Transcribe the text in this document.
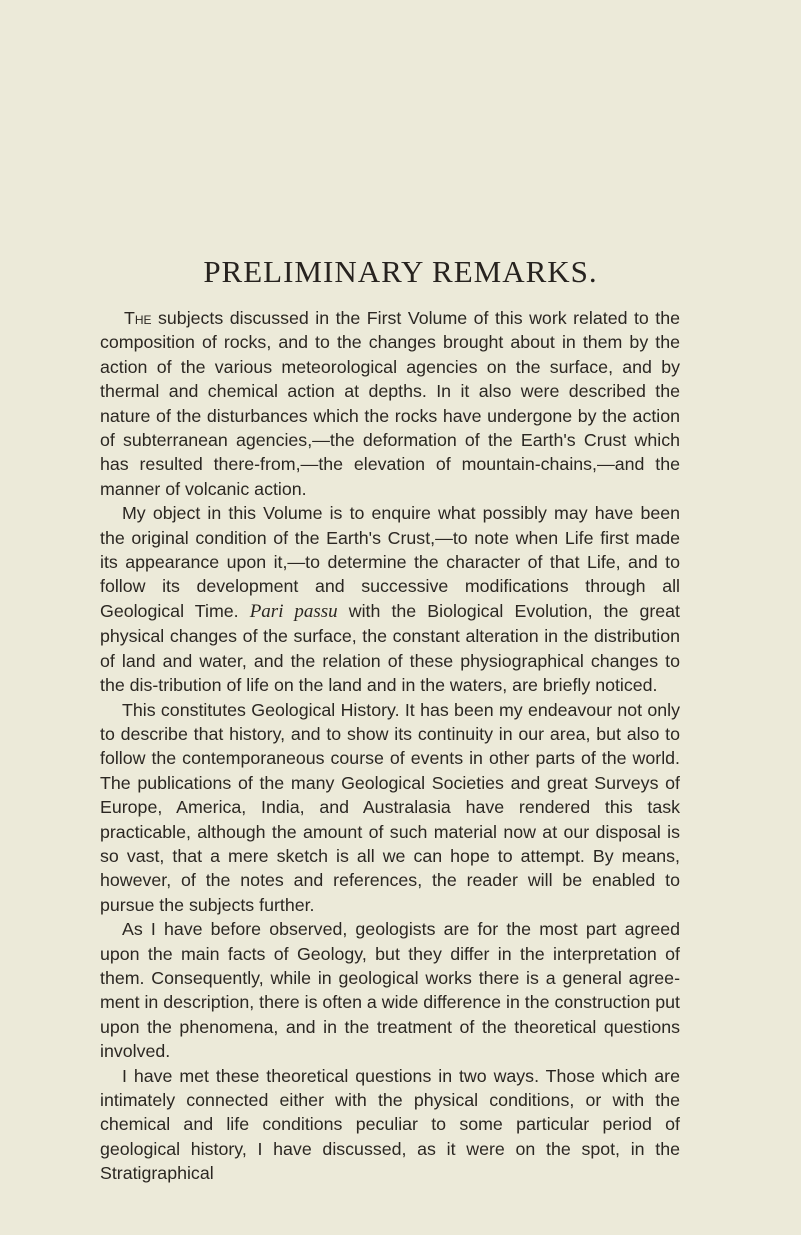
PRELIMINARY REMARKS.

The subjects discussed in the First Volume of this work related to the composition of rocks, and to the changes brought about in them by the action of the various meteorological agencies on the surface, and by thermal and chemical action at depths. In it also were described the nature of the disturbances which the rocks have undergone by the action of subterranean agencies,—the deformation of the Earth's Crust which has resulted there-from,—the elevation of mountain-chains,—and the manner of volcanic action.

My object in this Volume is to enquire what possibly may have been the original condition of the Earth's Crust,—to note when Life first made its appearance upon it,—to determine the character of that Life, and to follow its development and successive modifications through all Geological Time. Pari passu with the Biological Evolution, the great physical changes of the surface, the constant alteration in the distribution of land and water, and the relation of these physiographical changes to the dis-tribution of life on the land and in the waters, are briefly noticed.

This constitutes Geological History. It has been my endeavour not only to describe that history, and to show its continuity in our area, but also to follow the contemporaneous course of events in other parts of the world. The publications of the many Geological Societies and great Surveys of Europe, America, India, and Australasia have rendered this task practicable, although the amount of such material now at our disposal is so vast, that a mere sketch is all we can hope to attempt. By means, however, of the notes and references, the reader will be enabled to pursue the subjects further.

As I have before observed, geologists are for the most part agreed upon the main facts of Geology, but they differ in the interpretation of them. Consequently, while in geological works there is a general agree-ment in description, there is often a wide difference in the construction put upon the phenomena, and in the treatment of the theoretical questions involved.

I have met these theoretical questions in two ways. Those which are intimately connected either with the physical conditions, or with the chemical and life conditions peculiar to some particular period of geological history, I have discussed, as it were on the spot, in the Stratigraphical
